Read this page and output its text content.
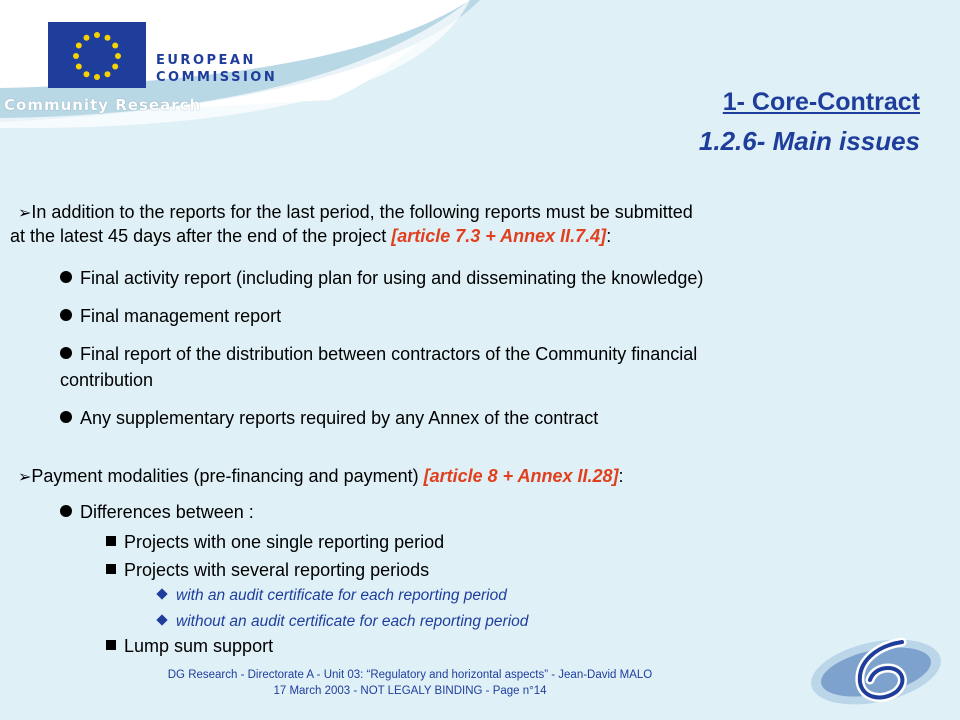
EUROPEAN
COMMISSION
Community Research	1- Core-Contract
1.2.6- Main issues
➢In addition to the reports for the last period, the following reports must be submitted
at the latest 45 days after the end of the project [article 7.3 + Annex II.7.4]:
Final activity report (including plan for using and disseminating the knowledge)
Final management report
Final report of the distribution between contractors of the Community financial
contribution
Any supplementary reports required by any Annex of the contract
➢Payment modalities (pre-financing and payment) [article 8 + Annex II.28]:
Differences between :
Projects with one single reporting period
Projects with several reporting periods
with an audit certificate for each reporting period
without an audit certificate for each reporting period
Lump sum support
DG Research - Directorate A - Unit 03: “Regulatory and horizontal aspects” - Jean-David MALO
17 March 2003 - NOT LEGALY BINDING - Page n°14
